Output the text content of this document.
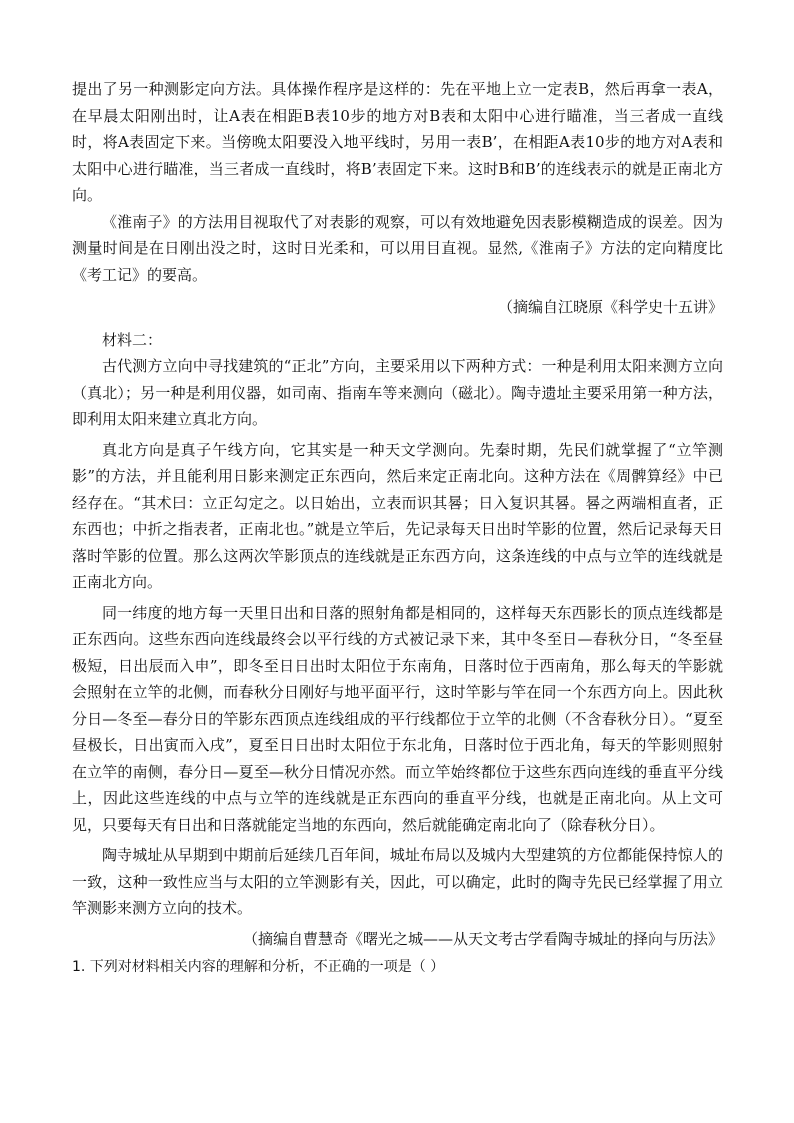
提出了另一种测影定向方法。具体操作程序是这样的：先在平地上立一定表B，然后再拿一表A，在早晨太阳刚出时，让A表在相距B表10步的地方对B表和太阳中心进行瞄准，当三者成一直线时，将A表固定下来。当傍晚太阳要没入地平线时，另用一表B’，在相距A表10步的地方对A表和太阳中心进行瞄准，当三者成一直线时，将B’表固定下来。这时B和B’的连线表示的就是正南北方向。

《淮南子》的方法用目视取代了对表影的观察，可以有效地避免因表影模糊造成的误差。因为测量时间是在日刚出没之时，这时日光柔和，可以用目直视。显然,《淮南子》方法的定向精度比《考工记》的要高。

（摘编自江晓原《科学史十五讲》

材料二：

古代测方立向中寻找建筑的“正北”方向，主要采用以下两种方式：一种是利用太阳来测方立向（真北）；另一种是利用仪器，如司南、指南车等来测向（磁北）。陶寺遗址主要采用第一种方法，即利用太阳来建立真北方向。

真北方向是真子午线方向，它其实是一种天文学测向。先秦时期，先民们就掌握了“立竿测影”的方法，并且能利用日影来测定正东西向，然后来定正南北向。这种方法在《周髀算经》中已经存在。“其术曰：立正勾定之。以日始出，立表而识其晷；日入复识其晷。晷之两端相直者，正东西也；中折之指表者，正南北也。”就是立竿后，先记录每天日出时竿影的位置，然后记录每天日落时竿影的位置。那么这两次竿影顶点的连线就是正东西方向，这条连线的中点与立竿的连线就是正南北方向。

同一纬度的地方每一天里日出和日落的照射角都是相同的，这样每天东西影长的顶点连线都是正东西向。这些东西向连线最终会以平行线的方式被记录下来，其中冬至日—春秋分日，“冬至昼极短，日出辰而入申”，即冬至日日出时太阳位于东南角，日落时位于西南角，那么每天的竿影就会照射在立竿的北侧，而春秋分日刚好与地平面平行，这时竿影与竿在同一个东西方向上。因此秋分日—冬至—春分日的竿影东西顶点连线组成的平行线都位于立竿的北侧（不含春秋分日）。“夏至昼极长，日出寅而入戌”，夏至日日出时太阳位于东北角，日落时位于西北角，每天的竿影则照射在立竿的南侧，春分日—夏至—秋分日情况亦然。而立竿始终都位于这些东西向连线的垂直平分线上，因此这些连线的中点与立竿的连线就是正东西向的垂直平分线，也就是正南北向。从上文可见，只要每天有日出和日落就能定当地的东西向，然后就能确定南北向了（除春秋分日）。

陶寺城址从早期到中期前后延续几百年间，城址布局以及城内大型建筑的方位都能保持惊人的一致，这种一致性应当与太阳的立竿测影有关，因此，可以确定，此时的陶寺先民已经掌握了用立竿测影来测方立向的技术。

（摘编自曹慧奇《曙光之城——从天文考古学看陶寺城址的择向与历法》

1. 下列对材料相关内容的理解和分析，不正确的一项是（ ）
